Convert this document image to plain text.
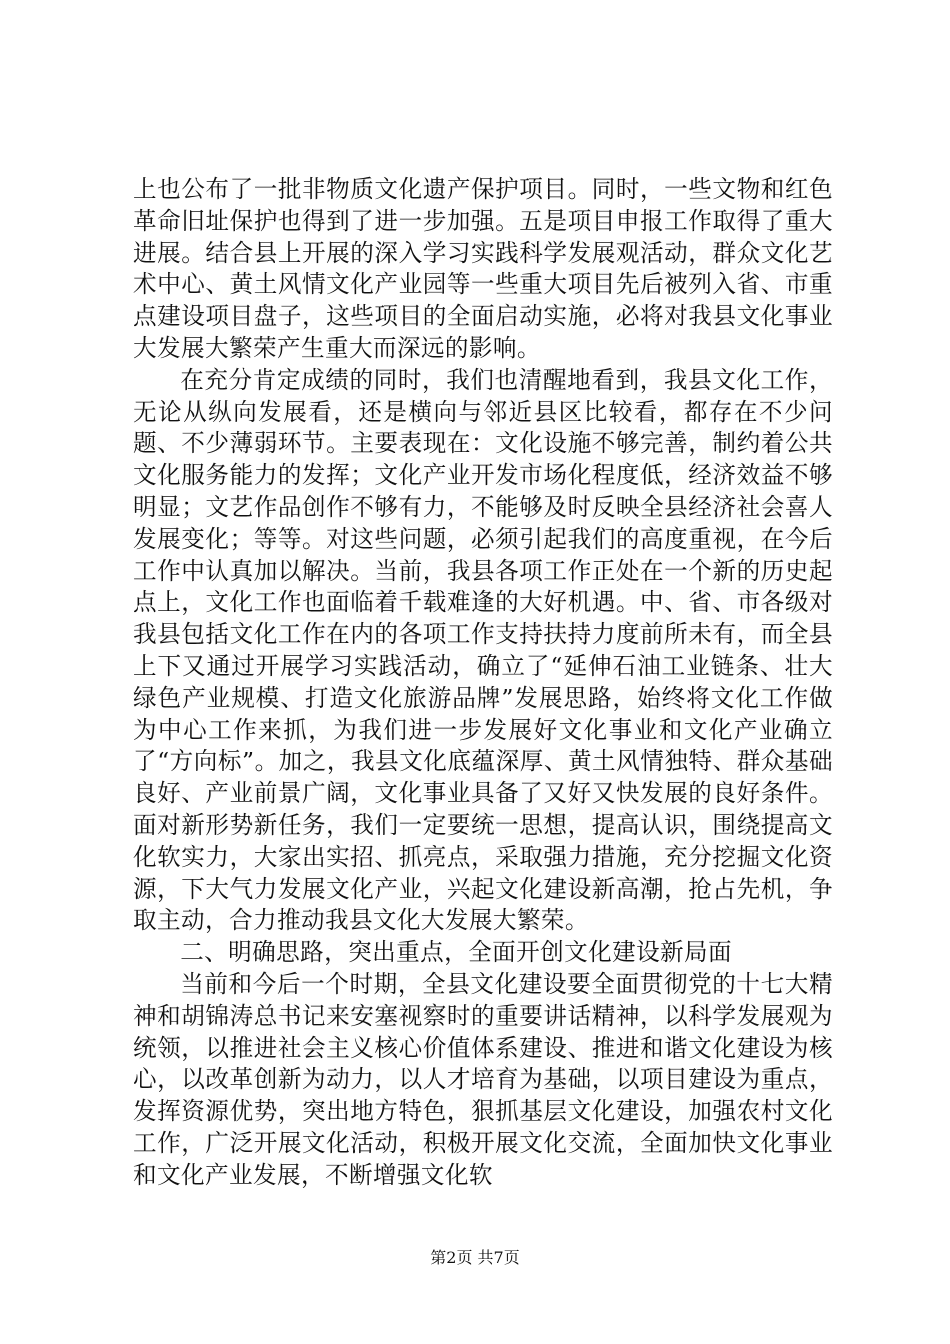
上也公布了一批非物质文化遗产保护项目。同时，一些文物和红色革命旧址保护也得到了进一步加强。五是项目申报工作取得了重大进展。结合县上开展的深入学习实践科学发展观活动，群众文化艺术中心、黄土风情文化产业园等一些重大项目先后被列入省、市重点建设项目盘子，这些项目的全面启动实施，必将对我县文化事业大发展大繁荣产生重大而深远的影响。

在充分肯定成绩的同时，我们也清醒地看到，我县文化工作，无论从纵向发展看，还是横向与邻近县区比较看，都存在不少问题、不少薄弱环节。主要表现在：文化设施不够完善，制约着公共文化服务能力的发挥；文化产业开发市场化程度低，经济效益不够明显；文艺作品创作不够有力，不能够及时反映全县经济社会喜人发展变化；等等。对这些问题，必须引起我们的高度重视，在今后工作中认真加以解决。当前，我县各项工作正处在一个新的历史起点上，文化工作也面临着千载难逢的大好机遇。中、省、市各级对我县包括文化工作在内的各项工作支持扶持力度前所未有，而全县上下又通过开展学习实践活动，确立了“延伸石油工业链条、壮大绿色产业规模、打造文化旅游品牌”发展思路，始终将文化工作做为中心工作来抓，为我们进一步发展好文化事业和文化产业确立了“方向标”。加之，我县文化底蕴深厚、黄土风情独特、群众基础良好、产业前景广阔，文化事业具备了又好又快发展的良好条件。面对新形势新任务，我们一定要统一思想，提高认识，围绕提高文化软实力，大家出实招、抓亮点，采取强力措施，充分挖掘文化资源，下大气力发展文化产业，兴起文化建设新高潮，抢占先机，争取主动，合力推动我县文化大发展大繁荣。

二、明确思路，突出重点，全面开创文化建设新局面

当前和今后一个时期，全县文化建设要全面贯彻党的十七大精神和胡锦涛总书记来安塞视察时的重要讲话精神，以科学发展观为统领，以推进社会主义核心价值体系建设、推进和谐文化建设为核心，以改革创新为动力，以人才培育为基础，以项目建设为重点，发挥资源优势，突出地方特色，狠抓基层文化建设，加强农村文化工作，广泛开展文化活动，积极开展文化交流，全面加快文化事业和文化产业发展，不断增强文化软

第2页 共7页
